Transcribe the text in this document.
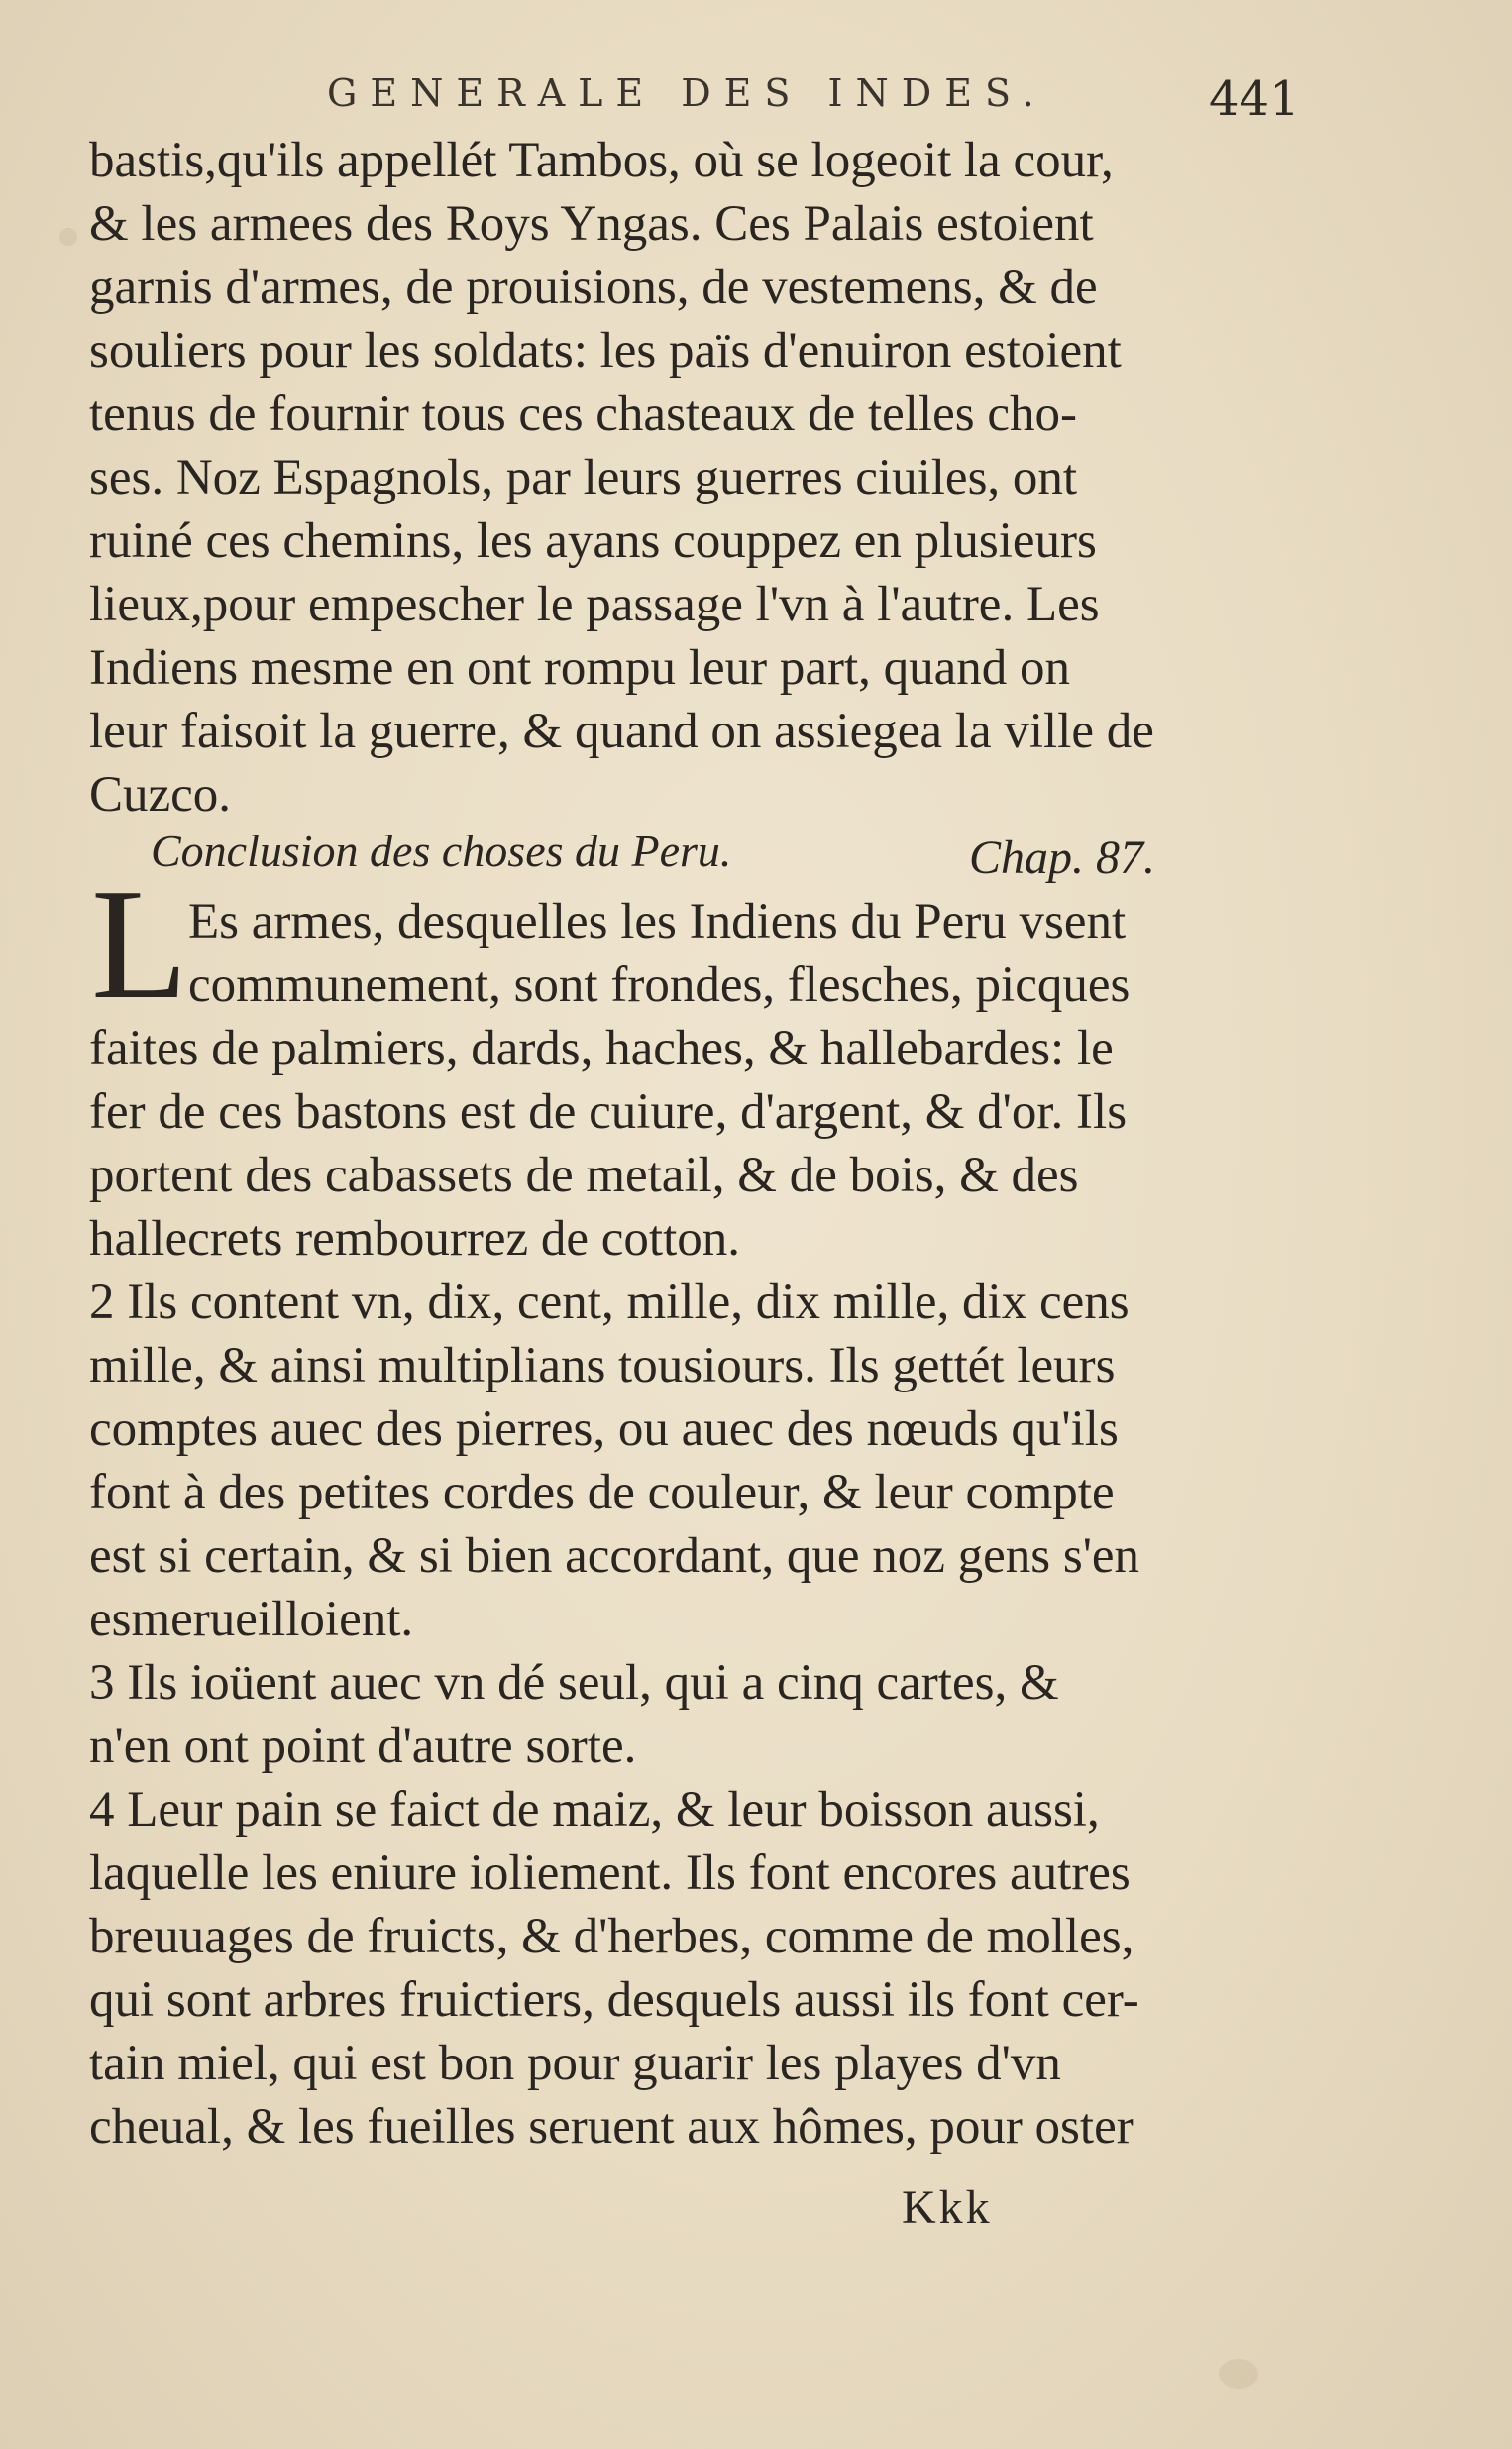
GENERALE DES INDES.	441
bastis,qu'ils appellét Tambos, où se logeoit la cour,
& les armees des Roys Yngas. Ces Palais estoient
garnis d'armes, de prouisions, de vestemens, & de
souliers pour les soldats: les païs d'enuiron estoient
tenus de fournir tous ces chasteaux de telles cho-
ses. Noz Espagnols, par leurs guerres ciuiles, ont
ruiné ces chemins, les ayans couppez en plusieurs
lieux,pour empescher le passage l'vn à l'autre. Les
Indiens mesme en ont rompu leur part, quand on
leur faisoit la guerre, & quand on assiegea la ville de
Cuzco.
Conclusion des choses du Peru.	Chap. 87.
L Es armes, desquelles les Indiens du Peru vsent
communement, sont frondes, flesches, picques
faites de palmiers, dards, haches, & hallebardes: le
fer de ces bastons est de cuiure, d'argent, & d'or. Ils
portent des cabassets de metail, & de bois, & des
hallecrets rembourrez de cotton.
2 Ils content vn, dix, cent, mille, dix mille, dix cens
mille, & ainsi multiplians tousiours. Ils gettét leurs
comptes auec des pierres, ou auec des nœuds qu'ils
font à des petites cordes de couleur, & leur compte
est si certain, & si bien accordant, que noz gens s'en
esmerueilloient.
3 Ils ioüent auec vn dé seul, qui a cinq cartes, &
n'en ont point d'autre sorte.
4 Leur pain se faict de maiz, & leur boisson aussi,
laquelle les eniure ioliement. Ils font encores autres
breuuages de fruicts, & d'herbes, comme de molles,
qui sont arbres fruictiers, desquels aussi ils font cer-
tain miel, qui est bon pour guarir les playes d'vn
cheual, & les fueilles seruent aux hômes, pour oster
Kkk
